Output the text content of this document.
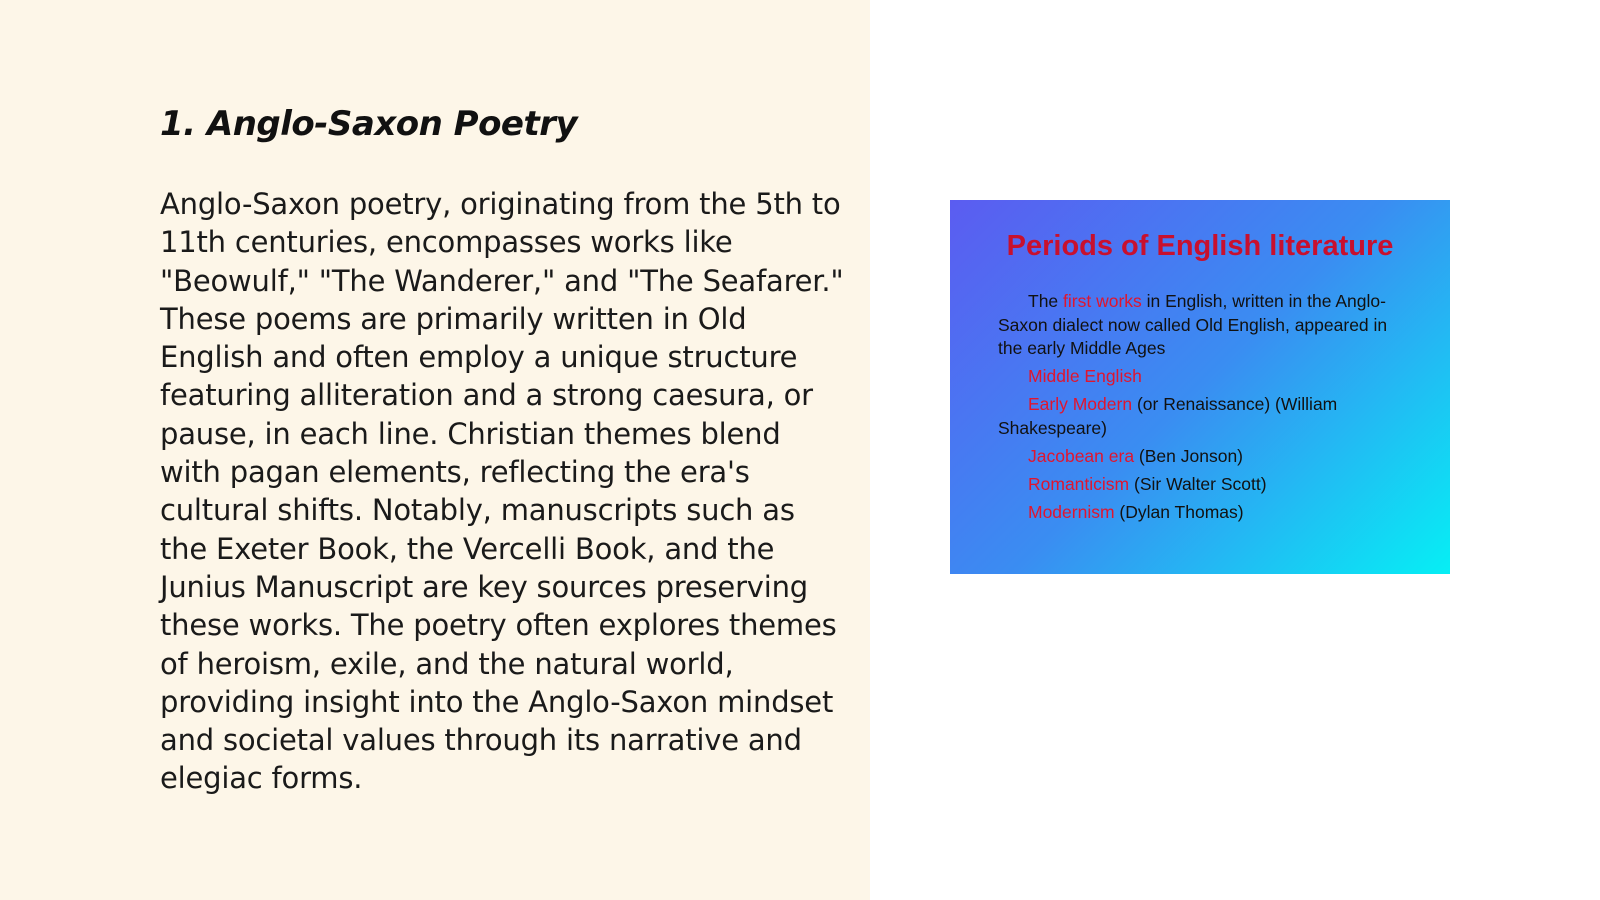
1. Anglo-Saxon Poetry

Anglo-Saxon poetry, originating from the 5th to 11th centuries, encompasses works like "Beowulf," "The Wanderer," and "The Seafarer." These poems are primarily written in Old English and often employ a unique structure featuring alliteration and a strong caesura, or pause, in each line. Christian themes blend with pagan elements, reflecting the era's cultural shifts. Notably, manuscripts such as the Exeter Book, the Vercelli Book, and the Junius Manuscript are key sources preserving these works. The poetry often explores themes of heroism, exile, and the natural world, providing insight into the Anglo-Saxon mindset and societal values through its narrative and elegiac forms.

Periods of English literature
The first works in English, written in the Anglo-Saxon dialect now called Old English, appeared in the early Middle Ages
Middle English
Early Modern (or Renaissance) (William Shakespeare)
Jacobean era (Ben Jonson)
Romanticism (Sir Walter Scott)
Modernism (Dylan Thomas)
